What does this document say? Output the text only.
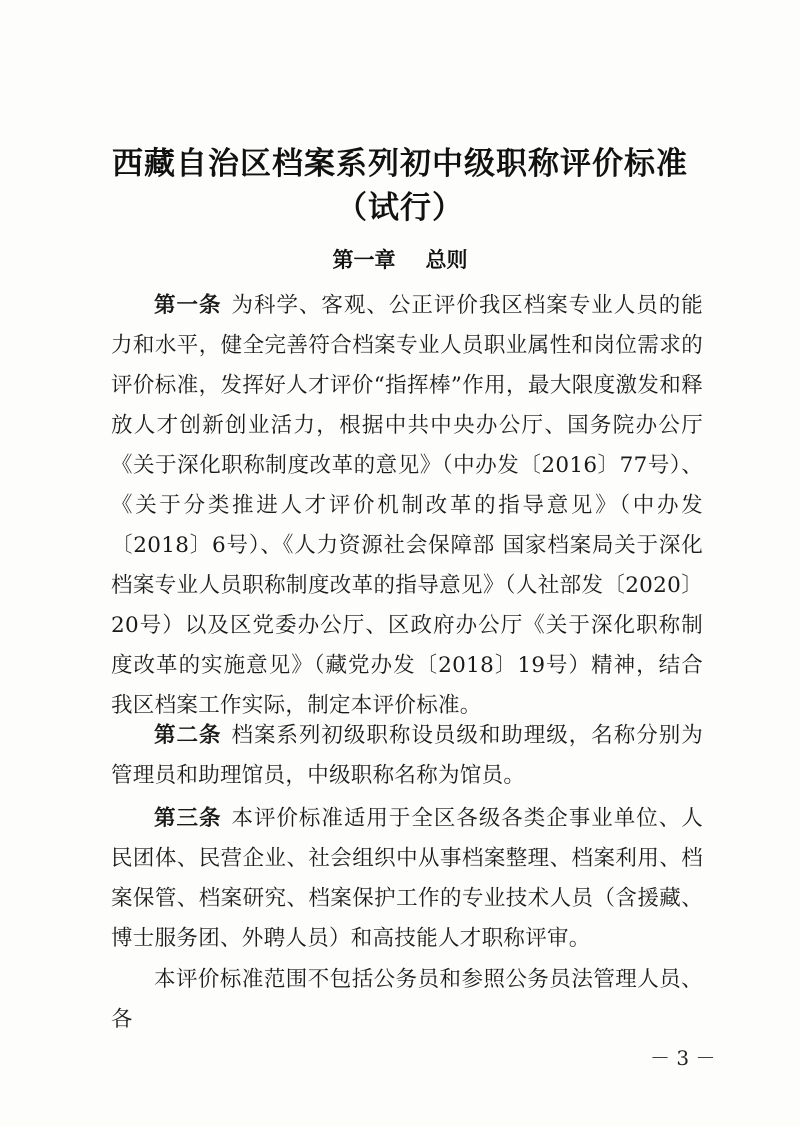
西藏自治区档案系列初中级职称评价标准
（试行）
第一章 总则

第一条 为科学、客观、公正评价我区档案专业人员的能力和水平，健全完善符合档案专业人员职业属性和岗位需求的评价标准，发挥好人才评价“指挥棒”作用，最大限度激发和释放人才创新创业活力，根据中共中央办公厅、国务院办公厅《关于深化职称制度改革的意见》（中办发〔2016〕77号）、《关于分类推进人才评价机制改革的指导意见》（中办发〔2018〕6号）、《人力资源社会保障部 国家档案局关于深化档案专业人员职称制度改革的指导意见》（人社部发〔2020〕20号）以及区党委办公厅、区政府办公厅《关于深化职称制度改革的实施意见》（藏党办发〔2018〕19号）精神，结合我区档案工作实际，制定本评价标准。

第二条 档案系列初级职称设员级和助理级，名称分别为管理员和助理馆员，中级职称名称为馆员。

第三条 本评价标准适用于全区各级各类企事业单位、人民团体、民营企业、社会组织中从事档案整理、档案利用、档案保管、档案研究、档案保护工作的专业技术人员（含援藏、博士服务团、外聘人员）和高技能人才职称评审。

本评价标准范围不包括公务员和参照公务员法管理人员、各

－ 3 －
